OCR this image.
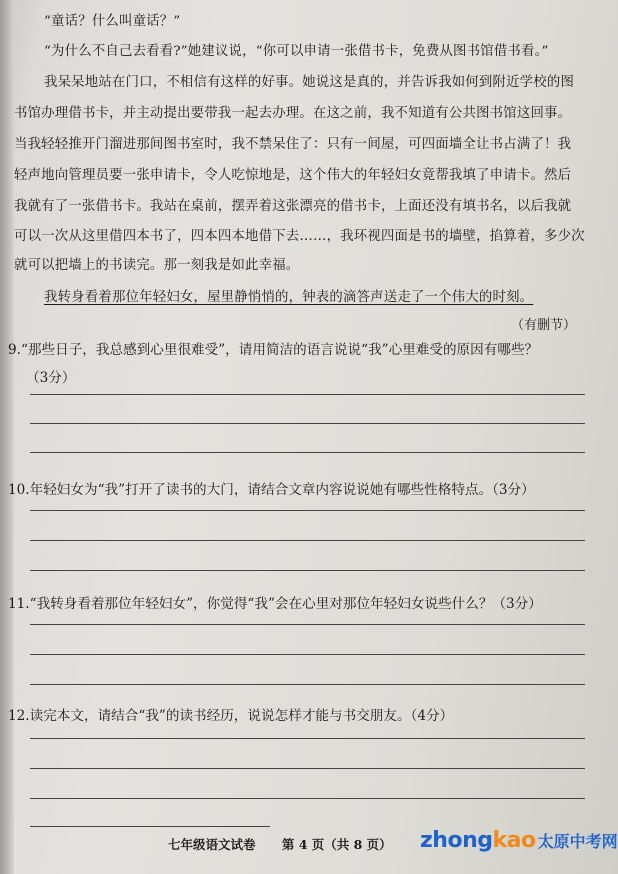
“童话？什么叫童话？”
“为什么不自己去看看?”她建议说，“你可以申请一张借书卡，免费从图书馆借书看。”
我呆呆地站在门口，不相信有这样的好事。她说这是真的，并告诉我如何到附近学校的图
书馆办理借书卡，并主动提出要带我一起去办理。在这之前，我不知道有公共图书馆这回事。
当我轻轻推开门溜进那间图书室时，我不禁呆住了：只有一间屋，可四面墙全让书占满了！我
轻声地向管理员要一张申请卡，令人吃惊地是，这个伟大的年轻妇女竟帮我填了申请卡。然后
我就有了一张借书卡。我站在桌前，摆弄着这张漂亮的借书卡，上面还没有填书名，以后我就
可以一次从这里借四本书了，四本四本地借下去……，我环视四面是书的墙壁，掐算着，多少次
就可以把墙上的书读完。那一刻我是如此幸福。
我转身看着那位年轻妇女，屋里静悄悄的，钟表的滴答声送走了一个伟大的时刻。
（有删节）
9.“那些日子，我总感到心里很难受”，请用简洁的语言说说“我”心里难受的原因有哪些？
（3分）
10.年轻妇女为“我”打开了读书的大门，请结合文章内容说说她有哪些性格特点。（3分）
11.“我转身看着那位年轻妇女”，你觉得“我”会在心里对那位年轻妇女说些什么？（3分）
12.读完本文，请结合“我”的读书经历，说说怎样才能与书交朋友。（4分）
七年级语文试卷 第 4 页（共 8 页） zhongkao 太原中考网
